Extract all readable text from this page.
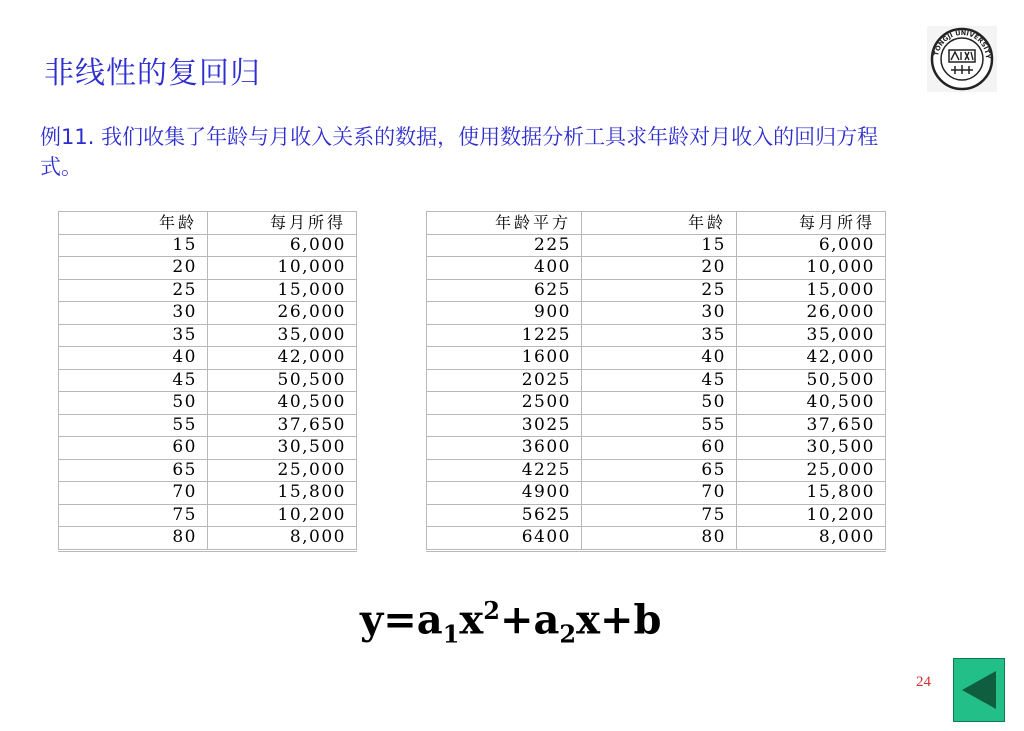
非线性的复回归
TONGJI UNIVERSITY
例11. 我们收集了年龄与月收入关系的数据，使用数据分析工具求年龄对月收入的回归方程式。
年龄	每月所得
15	6,000
20	10,000
25	15,000
30	26,000
35	35,000
40	42,000
45	50,500
50	40,500
55	37,650
60	30,500
65	25,000
70	15,800
75	10,200
80	8,000
年龄平方	年龄	每月所得
225	15	6,000
400	20	10,000
625	25	15,000
900	30	26,000
1225	35	35,000
1600	40	42,000
2025	45	50,500
2500	50	40,500
3025	55	37,650
3600	60	30,500
4225	65	25,000
4900	70	15,800
5625	75	10,200
6400	80	8,000
$y=a_1x^2+a_2x+b$
24
